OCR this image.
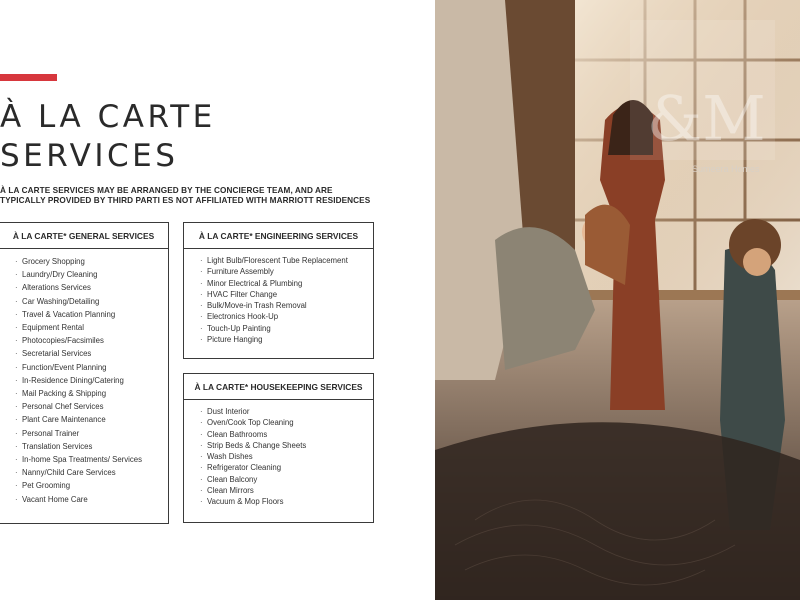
À LA CARTE
SERVICES

À LA CARTE SERVICES MAY BE ARRANGED BY THE CONCIERGE TEAM, AND ARE TYPICALLY PROVIDED BY THIRD PARTI ES NOT AFFILIATED WITH MARRIOTT RESIDENCES

À LA CARTE* GENERAL SERVICES
· Grocery Shopping
· Laundry/Dry Cleaning
· Alterations Services
· Car Washing/Detailing
· Travel & Vacation Planning
· Equipment Rental
· Photocopies/Facsimiles
· Secretarial Services
· Function/Event Planning
· In-Residence Dining/Catering
· Mail Packing & Shipping
· Personal Chef Services
· Plant Care Maintenance
· Personal Trainer
· Translation Services
· In-home Spa Treatments/ Services
· Nanny/Child Care Services
· Pet Grooming
· Vacant Home Care
À LA CARTE* ENGINEERING SERVICES
· Light Bulb/Florescent Tube Replacement
· Furniture Assembly
· Minor Electrical & Plumbing
· HVAC Filter Change
· Bulk/Move-in Trash Removal
· Electronics Hook-Up
· Touch-Up Painting
· Picture Hanging
À LA CARTE* HOUSEKEEPING SERVICES
· Dust Interior
· Oven/Cook Top Cleaning
· Clean Bathrooms
· Strip Beds & Change Sheets
· Wash Dishes
· Refrigerator Cleaning
· Clean Balcony
· Clean Mirrors
· Vacuum & Mop Floors
&M
Sumeera Homes
